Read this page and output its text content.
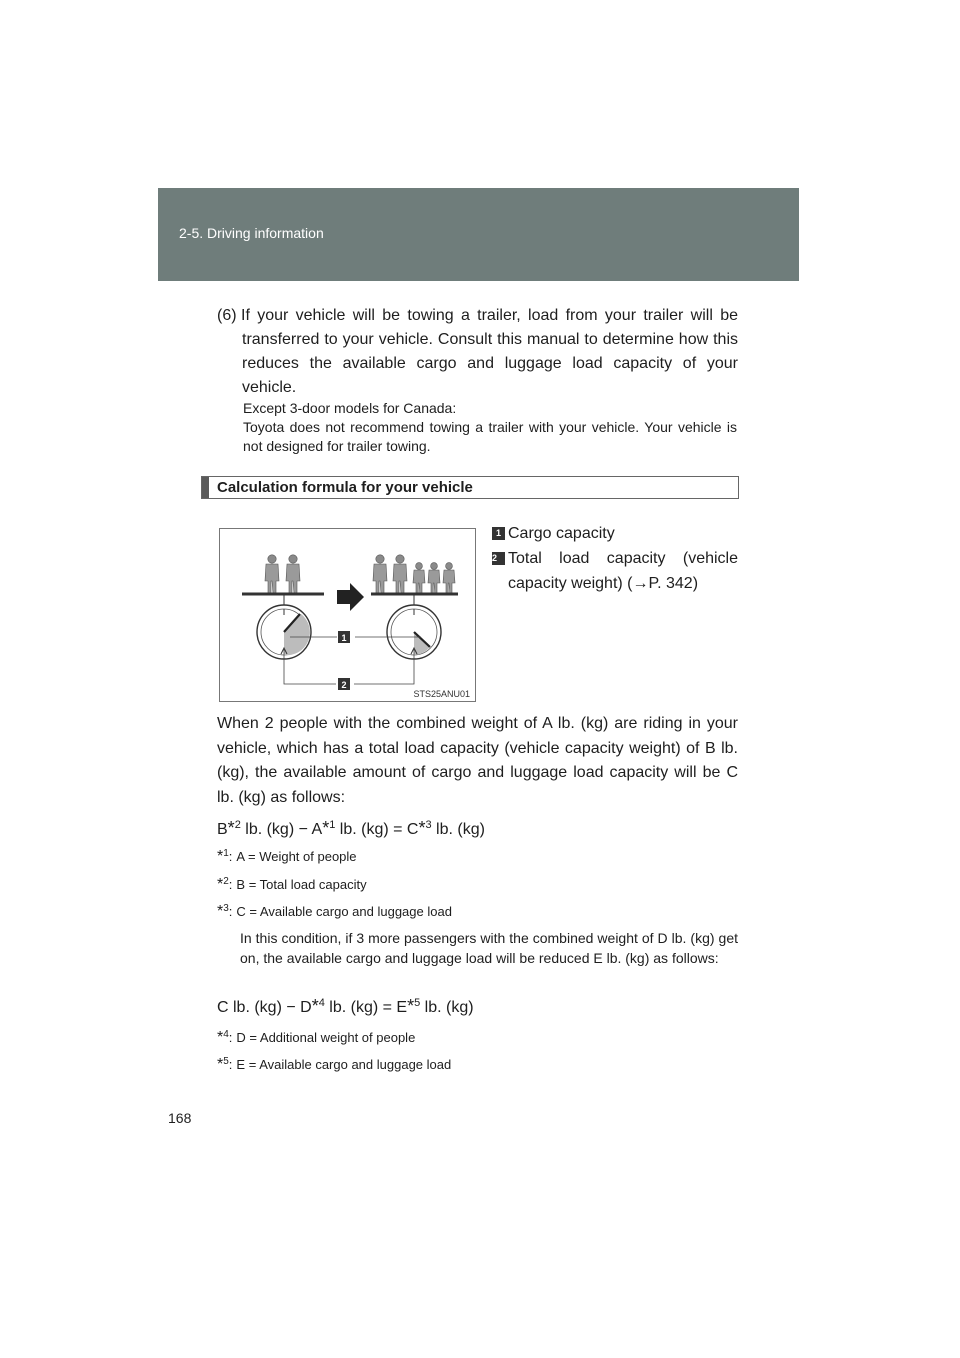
2-5. Driving information
(6) If your vehicle will be towing a trailer, load from your trailer will be transferred to your vehicle. Consult this manual to determine how this reduces the available cargo and luggage load capacity of your vehicle.

Except 3-door models for Canada:

Toyota does not recommend towing a trailer with your vehicle. Your vehicle is not designed for trailer towing.

Calculation formula for your vehicle
1
2
STS25ANU01
1 Cargo capacity
2 Total load capacity (vehicle capacity weight) (→P. 342)
When 2 people with the combined weight of A lb. (kg) are riding in your vehicle, which has a total load capacity (vehicle capacity weight) of B lb. (kg), the available amount of cargo and luggage load capacity will be C lb. (kg) as follows:
B*$^2$ lb. (kg) − A*$^1$ lb. (kg) = C*$^3$ lb. (kg)
*$^1$: A = Weight of people
*$^2$: B = Total load capacity
*$^3$: C = Available cargo and luggage load
In this condition, if 3 more passengers with the combined weight of D lb. (kg) get on, the available cargo and luggage load will be reduced E lb. (kg) as follows:
C lb. (kg) − D*$^4$ lb. (kg) = E*$^5$ lb. (kg)
*$^4$: D = Additional weight of people
*$^5$: E = Available cargo and luggage load
168
